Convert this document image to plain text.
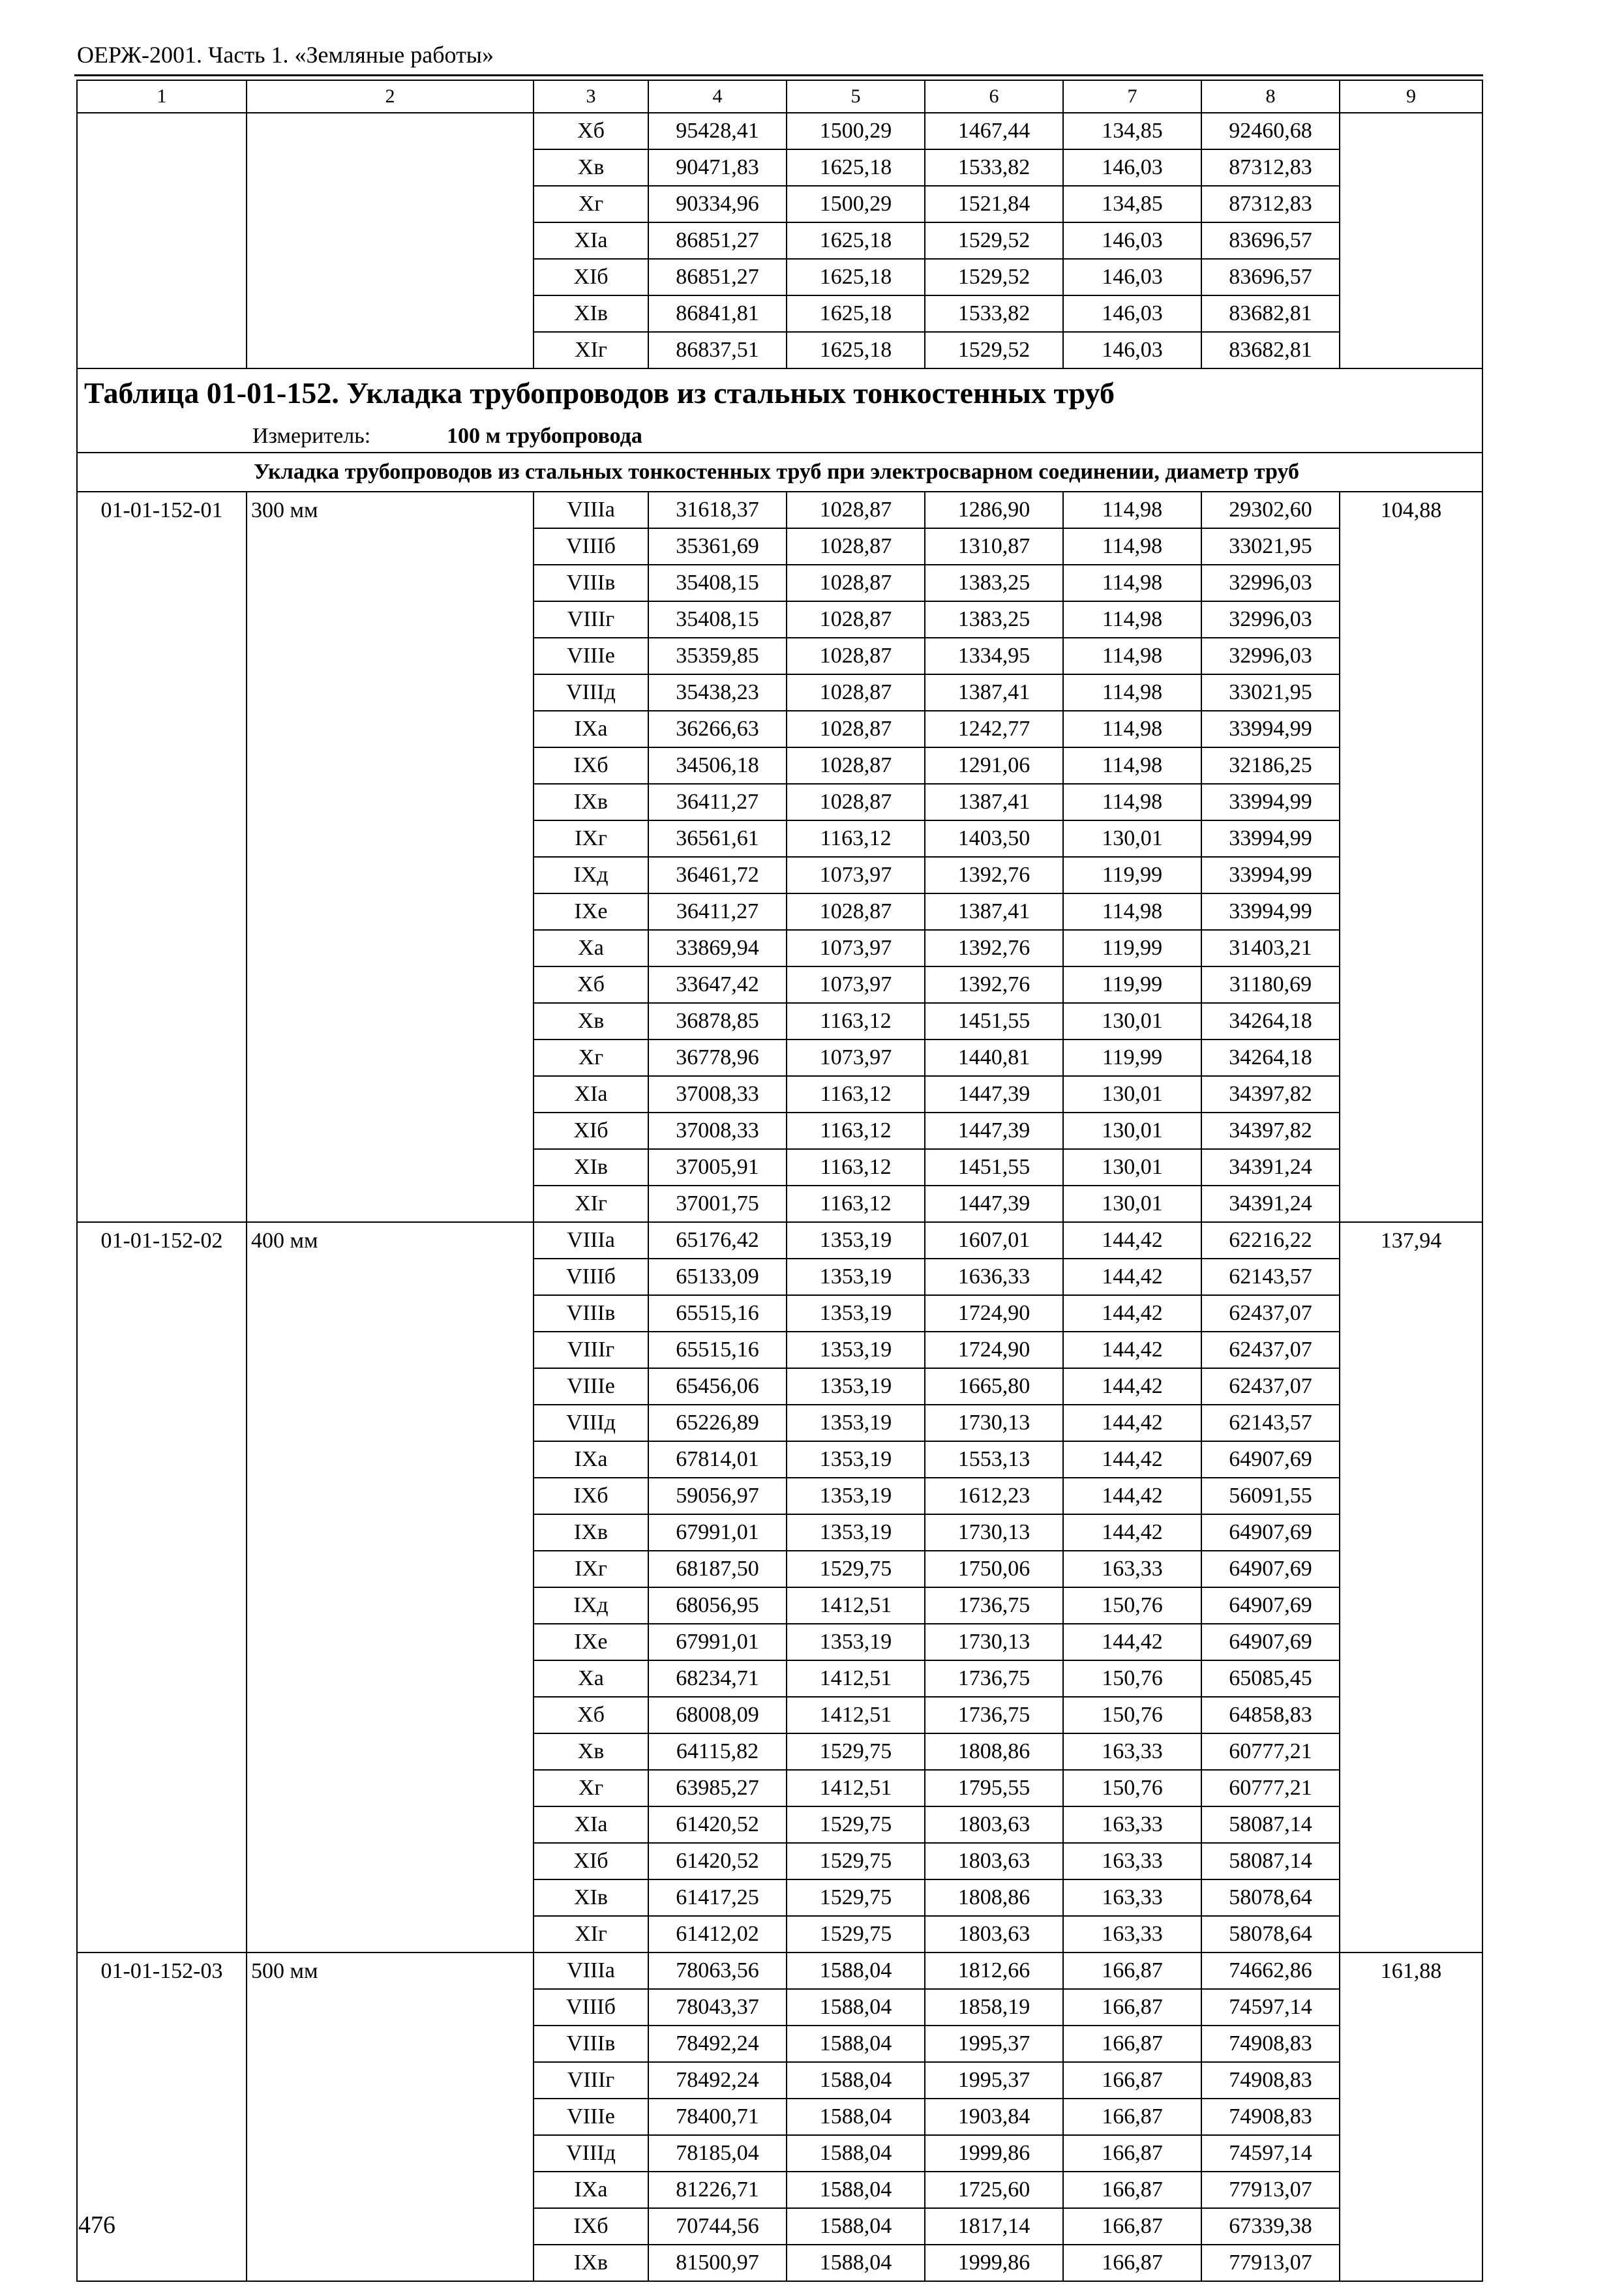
ОЕРЖ-2001. Часть 1. «Земляные работы»
1	2	3	4	5	6	7	8	9
		Xб	95428,41	1500,29	1467,44	134,85	92460,68	
		Xв	90471,83	1625,18	1533,82	146,03	87312,83	
		Xг	90334,96	1500,29	1521,84	134,85	87312,83	
		XIа	86851,27	1625,18	1529,52	146,03	83696,57	
		XIб	86851,27	1625,18	1529,52	146,03	83696,57	
		XIв	86841,81	1625,18	1533,82	146,03	83682,81	
		XIг	86837,51	1625,18	1529,52	146,03	83682,81	
Таблица 01-01-152. Укладка трубопроводов из стальных тонкостенных труб								
Измеритель: 100 м трубопровода								
Укладка трубопроводов из стальных тонкостенных труб при электросварном соединении, диаметр труб								
01-01-152-01	300 мм	VIIIа	31618,37	1028,87	1286,90	114,98	29302,60	104,88
		VIIIб	35361,69	1028,87	1310,87	114,98	33021,95	
		VIIIв	35408,15	1028,87	1383,25	114,98	32996,03	
		VIIIг	35408,15	1028,87	1383,25	114,98	32996,03	
		VIIIе	35359,85	1028,87	1334,95	114,98	32996,03	
		VIIIд	35438,23	1028,87	1387,41	114,98	33021,95	
		IXа	36266,63	1028,87	1242,77	114,98	33994,99	
		IXб	34506,18	1028,87	1291,06	114,98	32186,25	
		IXв	36411,27	1028,87	1387,41	114,98	33994,99	
		IXг	36561,61	1163,12	1403,50	130,01	33994,99	
		IXд	36461,72	1073,97	1392,76	119,99	33994,99	
		IXе	36411,27	1028,87	1387,41	114,98	33994,99	
		Xа	33869,94	1073,97	1392,76	119,99	31403,21	
		Xб	33647,42	1073,97	1392,76	119,99	31180,69	
		Xв	36878,85	1163,12	1451,55	130,01	34264,18	
		Xг	36778,96	1073,97	1440,81	119,99	34264,18	
		XIа	37008,33	1163,12	1447,39	130,01	34397,82	
		XIб	37008,33	1163,12	1447,39	130,01	34397,82	
		XIв	37005,91	1163,12	1451,55	130,01	34391,24	
		XIг	37001,75	1163,12	1447,39	130,01	34391,24	
01-01-152-02	400 мм	VIIIа	65176,42	1353,19	1607,01	144,42	62216,22	137,94
		VIIIб	65133,09	1353,19	1636,33	144,42	62143,57	
		VIIIв	65515,16	1353,19	1724,90	144,42	62437,07	
		VIIIг	65515,16	1353,19	1724,90	144,42	62437,07	
		VIIIе	65456,06	1353,19	1665,80	144,42	62437,07	
		VIIIд	65226,89	1353,19	1730,13	144,42	62143,57	
		IXа	67814,01	1353,19	1553,13	144,42	64907,69	
		IXб	59056,97	1353,19	1612,23	144,42	56091,55	
		IXв	67991,01	1353,19	1730,13	144,42	64907,69	
		IXг	68187,50	1529,75	1750,06	163,33	64907,69	
		IXд	68056,95	1412,51	1736,75	150,76	64907,69	
		IXе	67991,01	1353,19	1730,13	144,42	64907,69	
		Xа	68234,71	1412,51	1736,75	150,76	65085,45	
		Xб	68008,09	1412,51	1736,75	150,76	64858,83	
		Xв	64115,82	1529,75	1808,86	163,33	60777,21	
		Xг	63985,27	1412,51	1795,55	150,76	60777,21	
		XIа	61420,52	1529,75	1803,63	163,33	58087,14	
		XIб	61420,52	1529,75	1803,63	163,33	58087,14	
		XIв	61417,25	1529,75	1808,86	163,33	58078,64	
		XIг	61412,02	1529,75	1803,63	163,33	58078,64	
01-01-152-03	500 мм	VIIIа	78063,56	1588,04	1812,66	166,87	74662,86	161,88
		VIIIб	78043,37	1588,04	1858,19	166,87	74597,14	
		VIIIв	78492,24	1588,04	1995,37	166,87	74908,83	
		VIIIг	78492,24	1588,04	1995,37	166,87	74908,83	
		VIIIе	78400,71	1588,04	1903,84	166,87	74908,83	
		VIIIд	78185,04	1588,04	1999,86	166,87	74597,14	
		IXа	81226,71	1588,04	1725,60	166,87	77913,07	
		IXб	70744,56	1588,04	1817,14	166,87	67339,38	
		IXв	81500,97	1588,04	1999,86	166,87	77913,07	
476
